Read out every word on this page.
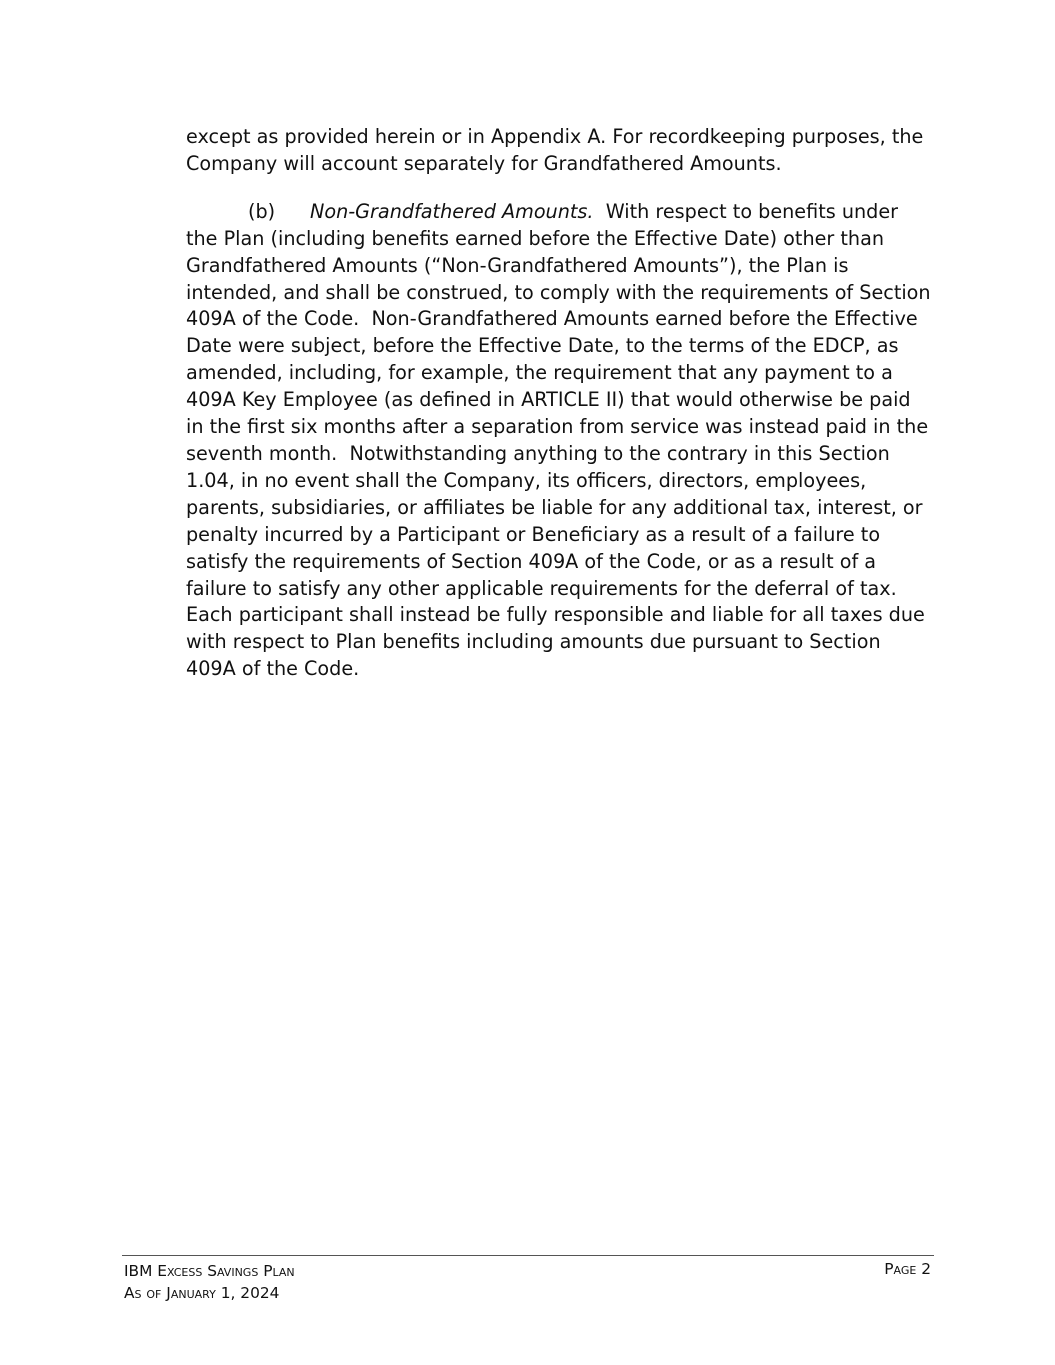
except as provided herein or in Appendix A. For recordkeeping purposes, the Company will account separately for Grandfathered Amounts.

(b) Non-Grandfathered Amounts.  With respect to benefits under the Plan (including benefits earned before the Effective Date) other than Grandfathered Amounts (“Non-Grandfathered Amounts”), the Plan is intended, and shall be construed, to comply with the requirements of Section 409A of the Code.  Non-Grandfathered Amounts earned before the Effective Date were subject, before the Effective Date, to the terms of the EDCP, as amended, including, for example, the requirement that any payment to a 409A Key Employee (as defined in ARTICLE II) that would otherwise be paid in the first six months after a separation from service was instead paid in the seventh month.  Notwithstanding anything to the contrary in this Section 1.04, in no event shall the Company, its officers, directors, employees, parents, subsidiaries, or affiliates be liable for any additional tax, interest, or penalty incurred by a Participant or Beneficiary as a result of a failure to satisfy the requirements of Section 409A of the Code, or as a result of a failure to satisfy any other applicable requirements for the deferral of tax. Each participant shall instead be fully responsible and liable for all taxes due with respect to Plan benefits including amounts due pursuant to Section 409A of the Code.

IBM Excess Savings Plan
As of January 1, 2024
Page 2
